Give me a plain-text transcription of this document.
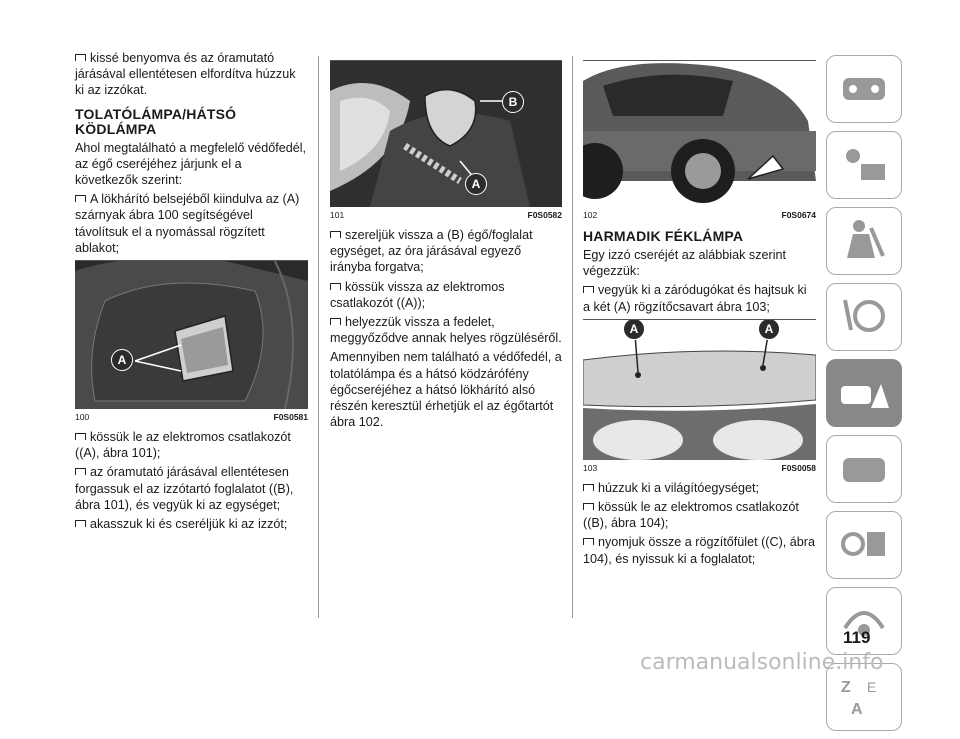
kissé benyomva és az óramutató járásával ellentétesen elfordítva húzzuk ki az izzókat.

TOLATÓLÁMPA/HÁTSÓ KÖDLÁMPA

Ahol megtalálható a megfelelő védőfedél, az égő cseréjéhez járjunk el a következők szerint:

A lökhárító belsejéből kiindulva az (A) szárnyak ábra 100 segítségével távolítsuk el a nyomással rögzített ablakot;

A
100	F0S0581

kössük le az elektromos csatlakozót ((A), ábra 101);

az óramutató járásával ellentétesen forgassuk el az izzótartó foglalatot ((B), ábra 101), és vegyük ki az egységet;

akasszuk ki és cseréljük ki az izzót;

B
A
101	F0S0582

szereljük vissza a (B) égő/foglalat egységet, az óra járásával egyező irányba forgatva;

kössük vissza az elektromos csatlakozót ((A));

helyezzük vissza a fedelet, meggyőződve annak helyes rögzüléséről.

Amennyiben nem található a védőfedél, a tolatólámpa és a hátsó ködzárófény égőcseréjéhez a hátsó lökhárító alsó részén keresztül érhetjük el az égőtartót ábra 102.

102	F0S0674
HARMADIK FÉKLÁMPA

Egy izzó cseréjét az alábbiak szerint végezzük:

vegyük ki a záródugókat és hajtsuk ki a két (A) rögzítőcsavart ábra 103;

A	A
103	F0S0058

húzzuk ki a világítóegységet;

kössük le az elektromos csatlakozót ((B), ábra 104);

nyomjuk össze a rögzítőfület ((C), ábra 104), és nyissuk ki a foglalatot;

Z E
A
119
carmanualsonline.info
